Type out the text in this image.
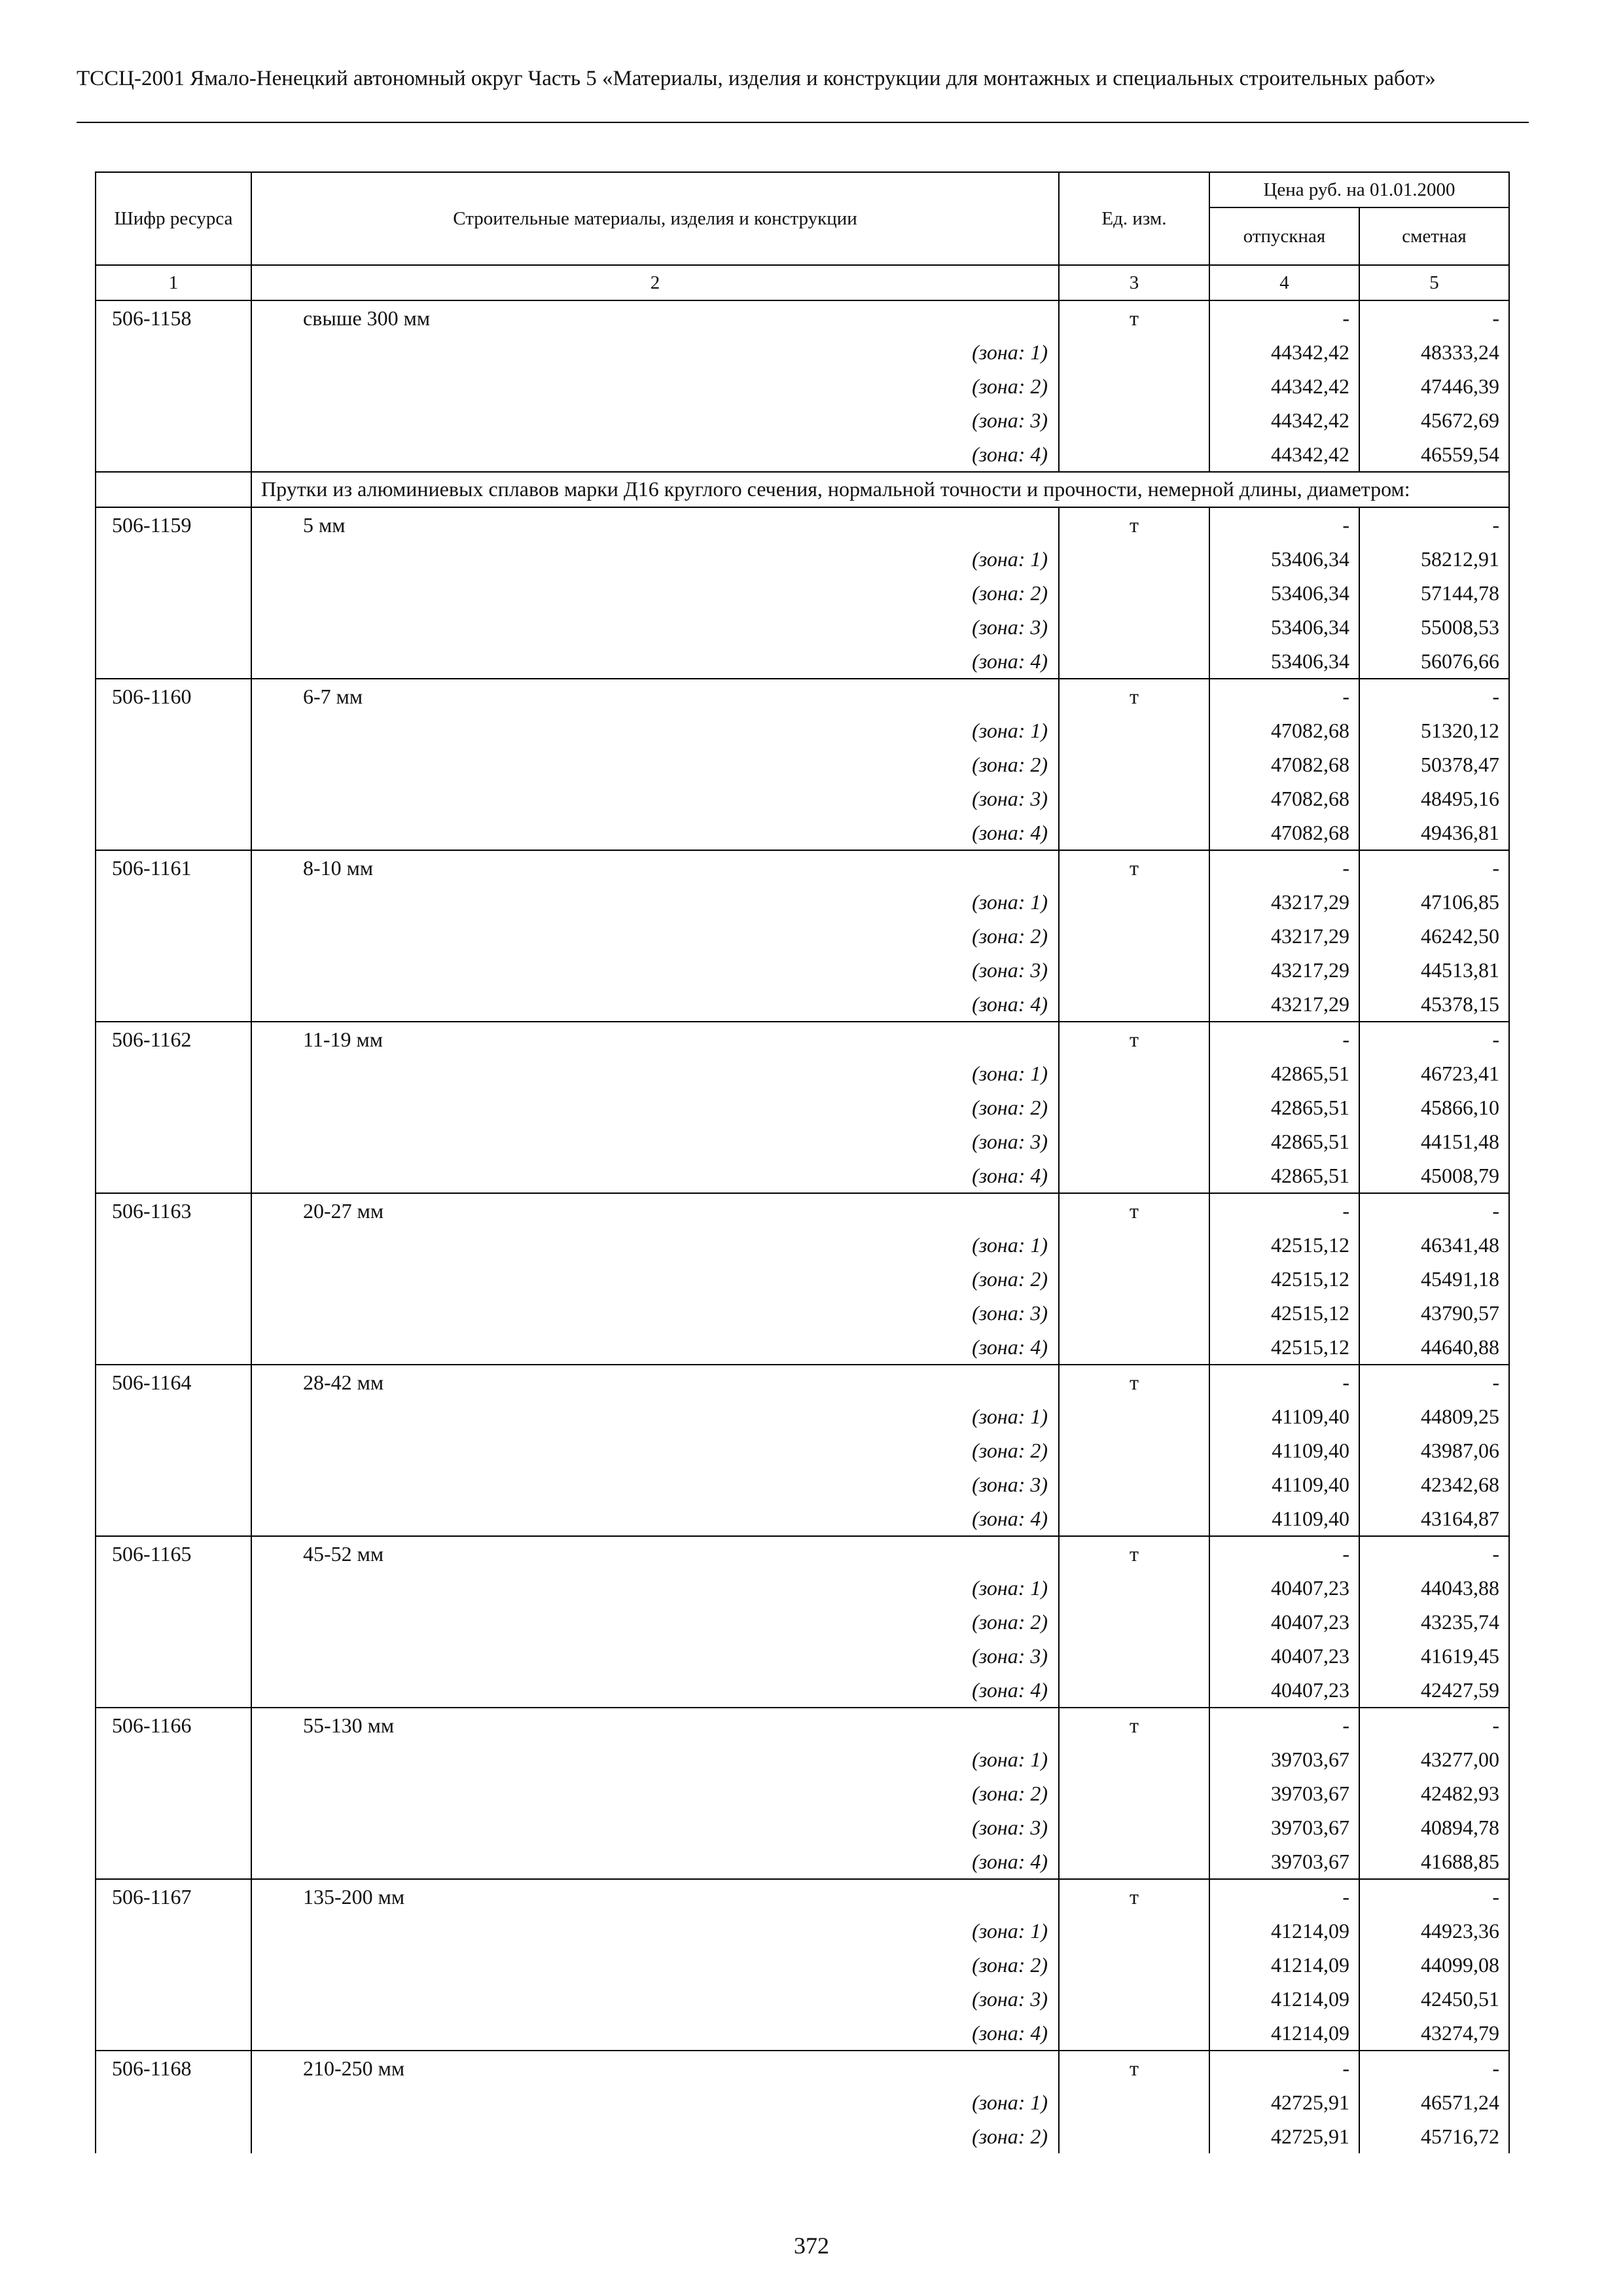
ТССЦ-2001 Ямало-Ненецкий автономный округ Часть 5 «Материалы, изделия и конструкции для монтажных и специальных строительных работ»
Шифр ресурса	Строительные материалы, изделия и конструкции	Ед. изм.	Цена руб. на 01.01.2000	
			отпускная	сметная
1	2	3	4	5
506-1158	свыше 300 мм	т	-	-
	(зона: 1)		44342,42	48333,24
	(зона: 2)		44342,42	47446,39
	(зона: 3)		44342,42	45672,69
	(зона: 4)		44342,42	46559,54
	Прутки из алюминиевых сплавов марки Д16 круглого сечения, нормальной точности и прочности, немерной длины, диаметром:			
506-1159	5 мм	т	-	-
	(зона: 1)		53406,34	58212,91
	(зона: 2)		53406,34	57144,78
	(зона: 3)		53406,34	55008,53
	(зона: 4)		53406,34	56076,66
506-1160	6-7 мм	т	-	-
	(зона: 1)		47082,68	51320,12
	(зона: 2)		47082,68	50378,47
	(зона: 3)		47082,68	48495,16
	(зона: 4)		47082,68	49436,81
506-1161	8-10 мм	т	-	-
	(зона: 1)		43217,29	47106,85
	(зона: 2)		43217,29	46242,50
	(зона: 3)		43217,29	44513,81
	(зона: 4)		43217,29	45378,15
506-1162	11-19 мм	т	-	-
	(зона: 1)		42865,51	46723,41
	(зона: 2)		42865,51	45866,10
	(зона: 3)		42865,51	44151,48
	(зона: 4)		42865,51	45008,79
506-1163	20-27 мм	т	-	-
	(зона: 1)		42515,12	46341,48
	(зона: 2)		42515,12	45491,18
	(зона: 3)		42515,12	43790,57
	(зона: 4)		42515,12	44640,88
506-1164	28-42 мм	т	-	-
	(зона: 1)		41109,40	44809,25
	(зона: 2)		41109,40	43987,06
	(зона: 3)		41109,40	42342,68
	(зона: 4)		41109,40	43164,87
506-1165	45-52 мм	т	-	-
	(зона: 1)		40407,23	44043,88
	(зона: 2)		40407,23	43235,74
	(зона: 3)		40407,23	41619,45
	(зона: 4)		40407,23	42427,59
506-1166	55-130 мм	т	-	-
	(зона: 1)		39703,67	43277,00
	(зона: 2)		39703,67	42482,93
	(зона: 3)		39703,67	40894,78
	(зона: 4)		39703,67	41688,85
506-1167	135-200 мм	т	-	-
	(зона: 1)		41214,09	44923,36
	(зона: 2)		41214,09	44099,08
	(зона: 3)		41214,09	42450,51
	(зона: 4)		41214,09	43274,79
506-1168	210-250 мм	т	-	-
	(зона: 1)		42725,91	46571,24
	(зона: 2)		42725,91	45716,72
372
